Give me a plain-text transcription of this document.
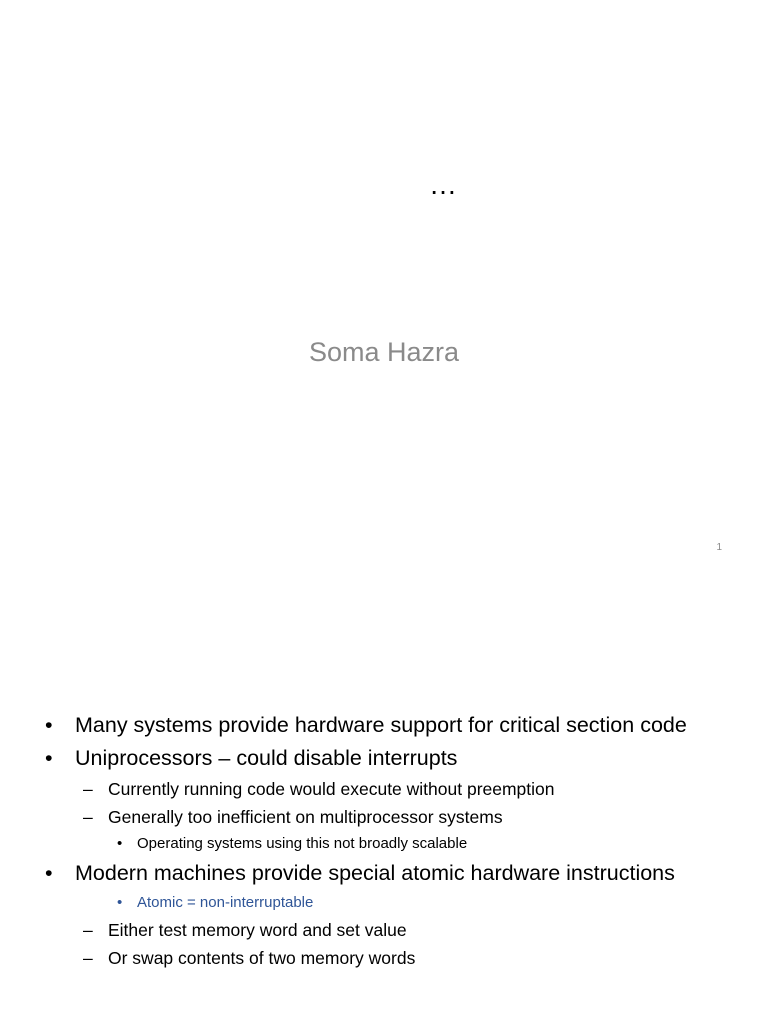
…
Soma Hazra
1
• Many systems provide hardware support for critical section code
• Uniprocessors – could disable interrupts
– Currently running code would execute without preemption
– Generally too inefficient on multiprocessor systems
• Operating systems using this not broadly scalable
• Modern machines provide special atomic hardware instructions
• Atomic = non-interruptable
– Either test memory word and set value
– Or swap contents of two memory words
